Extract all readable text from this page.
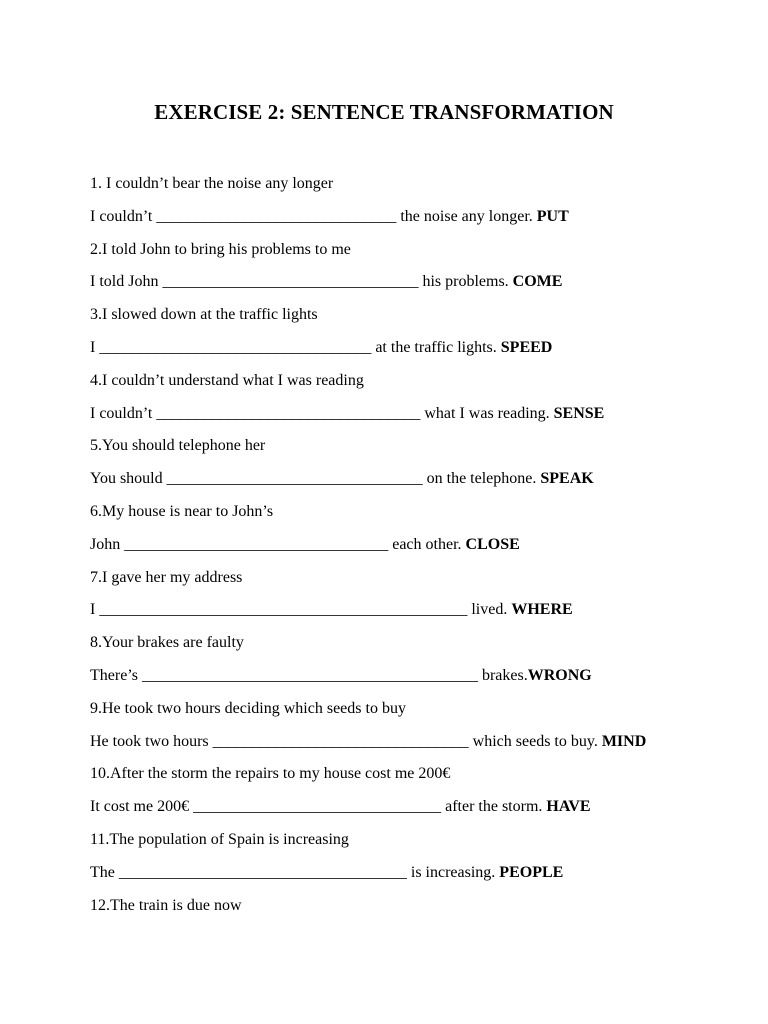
EXERCISE 2: SENTENCE TRANSFORMATION
1. I couldn’t bear the noise any longer
I couldn’t ______________________________ the noise any longer. PUT
2.I told John to bring his problems to me
I told John ________________________________ his problems. COME
3.I slowed down at the traffic lights
I __________________________________ at the traffic lights. SPEED
4.I couldn’t understand what I was reading
I couldn’t _________________________________ what I was reading. SENSE
5.You should telephone her
You should ________________________________ on the telephone. SPEAK
6.My house is near to John’s
John _________________________________ each other. CLOSE
7.I gave her my address
I ______________________________________________ lived. WHERE
8.Your brakes are faulty
There’s __________________________________________ brakes.WRONG
9.He took two hours deciding which seeds to buy
He took two hours ________________________________ which seeds to buy. MIND
10.After the storm the repairs to my house cost me 200€
It cost me 200€ _______________________________ after the storm. HAVE
11.The population of Spain is increasing
The ____________________________________ is increasing. PEOPLE
12.The train is due now
